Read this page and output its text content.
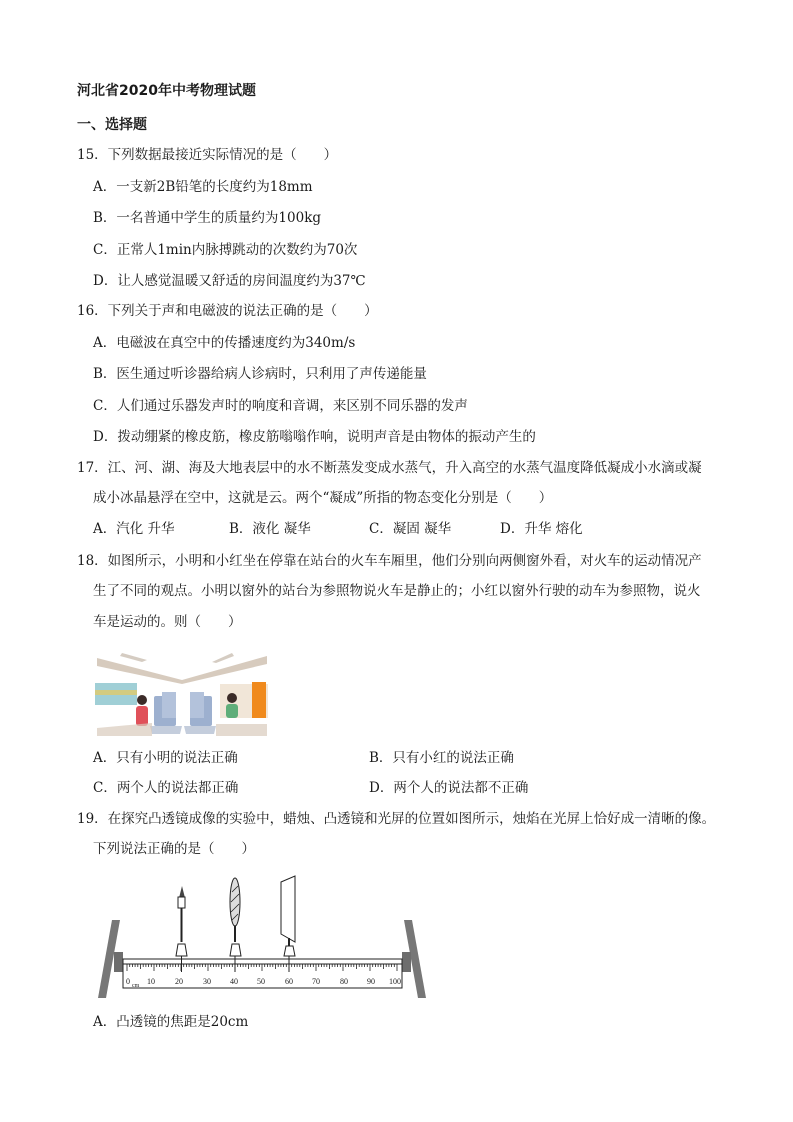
河北省2020年中考物理试题
一、选择题
15．下列数据最接近实际情况的是（　　）
A．一支新2B铅笔的长度约为18mm
B．一名普通中学生的质量约为100kg
C．正常人1min内脉搏跳动的次数约为70次
D．让人感觉温暖又舒适的房间温度约为37℃
16．下列关于声和电磁波的说法正确的是（　　）
A．电磁波在真空中的传播速度约为340m/s
B．医生通过听诊器给病人诊病时，只利用了声传递能量
C．人们通过乐器发声时的响度和音调，来区别不同乐器的发声
D．拨动绷紧的橡皮筋，橡皮筋嗡嗡作响，说明声音是由物体的振动产生的
17．江、河、湖、海及大地表层中的水不断蒸发变成水蒸气，升入高空的水蒸气温度降低凝成小水滴或凝
成小冰晶悬浮在空中，这就是云。两个“凝成”所指的物态变化分别是（　　）
A．汽化 升华	B．液化 凝华	C．凝固 凝华	D．升华 熔化
18．如图所示，小明和小红坐在停靠在站台的火车车厢里，他们分别向两侧窗外看，对火车的运动情况产
生了不同的观点。小明以窗外的站台为参照物说火车是静止的；小红以窗外行驶的动车为参照物，说火
车是运动的。则（　　）
A．只有小明的说法正确	B．只有小红的说法正确
C．两个人的说法都正确	D．两个人的说法都不正确
19．在探究凸透镜成像的实验中，蜡烛、凸透镜和光屏的位置如图所示，烛焰在光屏上恰好成一清晰的像。
下列说法正确的是（　　）
0 cm 10	20	30 40 50	60 70	80 90 100
A．凸透镜的焦距是20cm
